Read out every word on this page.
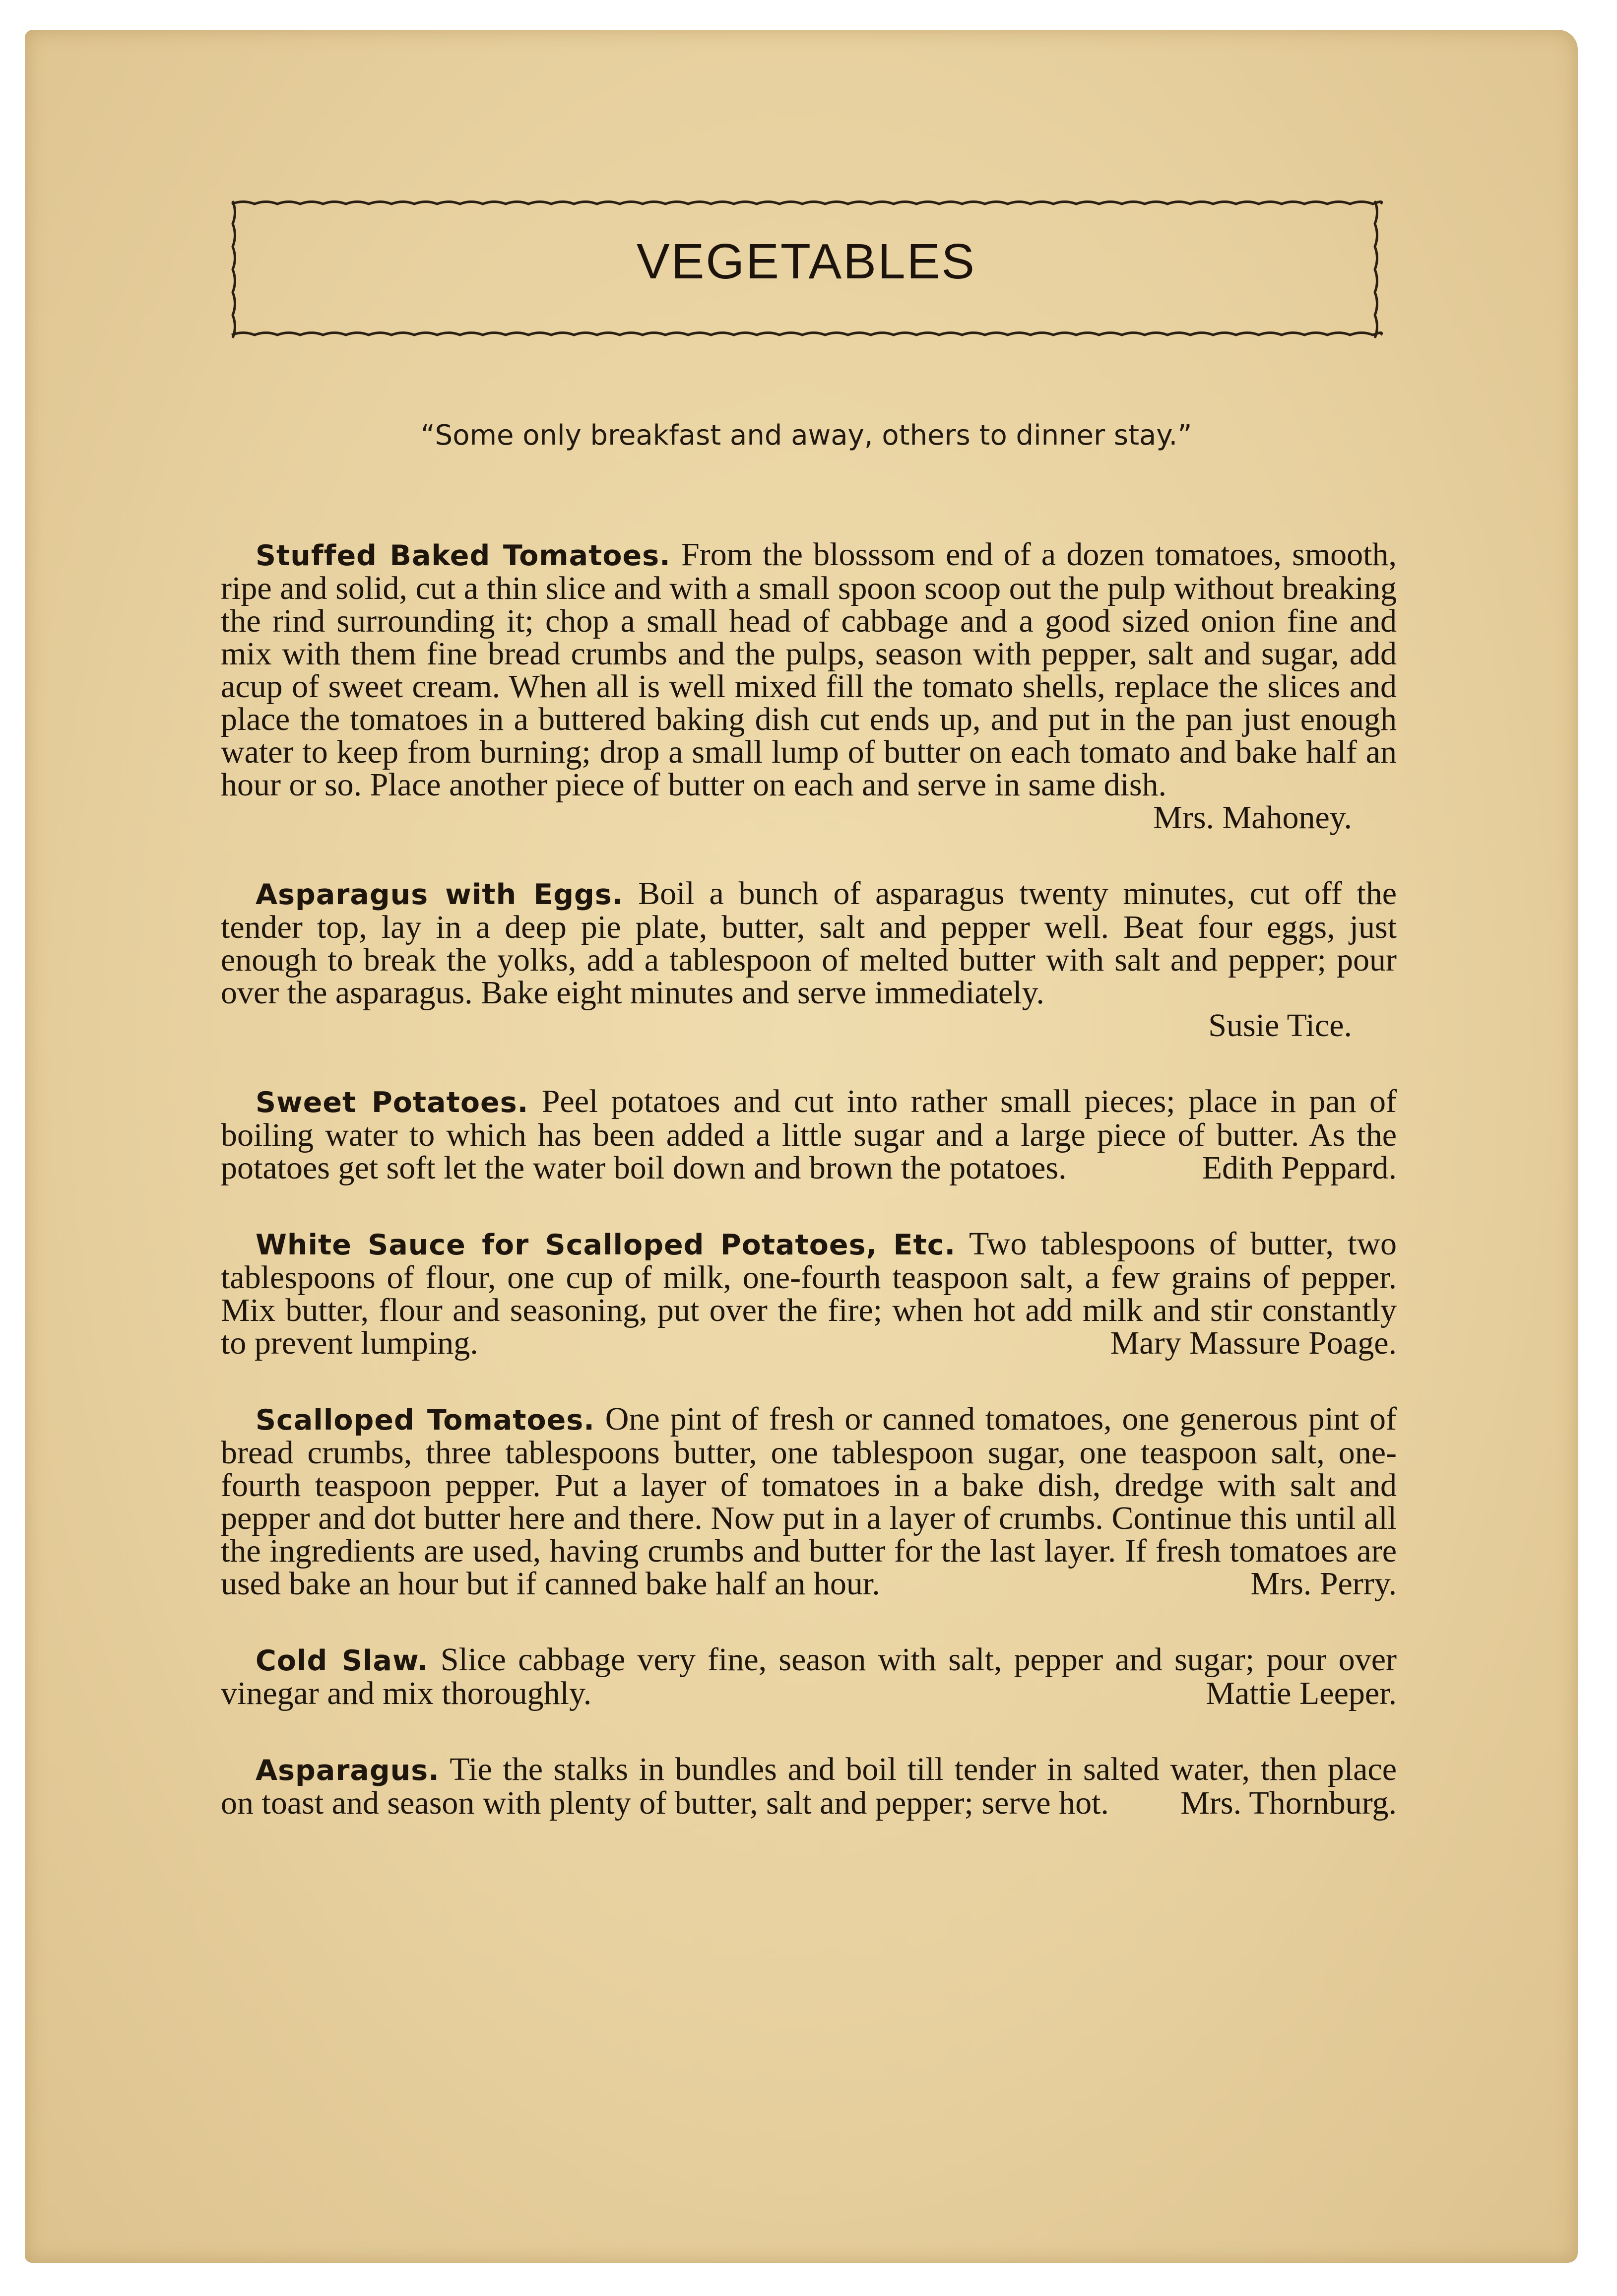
VEGETABLES
“Some only breakfast and away, others to dinner stay.”

Stuffed Baked Tomatoes. From the blosssom end of a dozen tomatoes, smooth, ripe and solid, cut a thin slice and with a small spoon scoop out the pulp without breaking the rind surrounding it; chop a small head of cabbage and a good sized onion fine and mix with them fine bread crumbs and the pulps, season with pepper, salt and sugar, add acup of sweet cream. When all is well mixed fill the tomato shells, replace the slices and place the tomatoes in a buttered baking dish cut ends up, and put in the pan just enough water to keep from burning; drop a small lump of butter on each tomato and bake half an hour or so. Place another piece of butter on each and serve in same dish.

Mrs. Mahoney.

Asparagus with Eggs. Boil a bunch of asparagus twenty minutes, cut off the tender top, lay in a deep pie plate, butter, salt and pepper well. Beat four eggs, just enough to break the yolks, add a tablespoon of melted butter with salt and pepper; pour over the asparagus. Bake eight minutes and serve immediately.

Susie Tice.

Sweet Potatoes. Peel potatoes and cut into rather small pieces; place in pan of boiling water to which has been added a little sugar and a large piece of butter. As the potatoes get soft let the water boil down and brown the potatoes.	Edith Peppard.

White Sauce for Scalloped Potatoes, Etc. Two tablespoons of butter, two tablespoons of flour, one cup of milk, one-fourth teaspoon salt, a few grains of pepper. Mix butter, flour and seasoning, put over the fire; when hot add milk and stir constantly to prevent lumping.	Mary Massure Poage.

Scalloped Tomatoes. One pint of fresh or canned tomatoes, one generous pint of bread crumbs, three tablespoons butter, one tablespoon sugar, one teaspoon salt, one-fourth teaspoon pepper. Put a layer of tomatoes in a bake dish, dredge with salt and pepper and dot butter here and there. Now put in a layer of crumbs. Continue this until all the ingredients are used, having crumbs and butter for the last layer. If fresh tomatoes are used bake an hour but if canned bake half an hour.	Mrs. Perry.

Cold Slaw. Slice cabbage very fine, season with salt, pepper and sugar; pour over vinegar and mix thoroughly.	Mattie Leeper.

Asparagus. Tie the stalks in bundles and boil till tender in salted water, then place on toast and season with plenty of butter, salt and pepper; serve hot.	Mrs. Thornburg.
